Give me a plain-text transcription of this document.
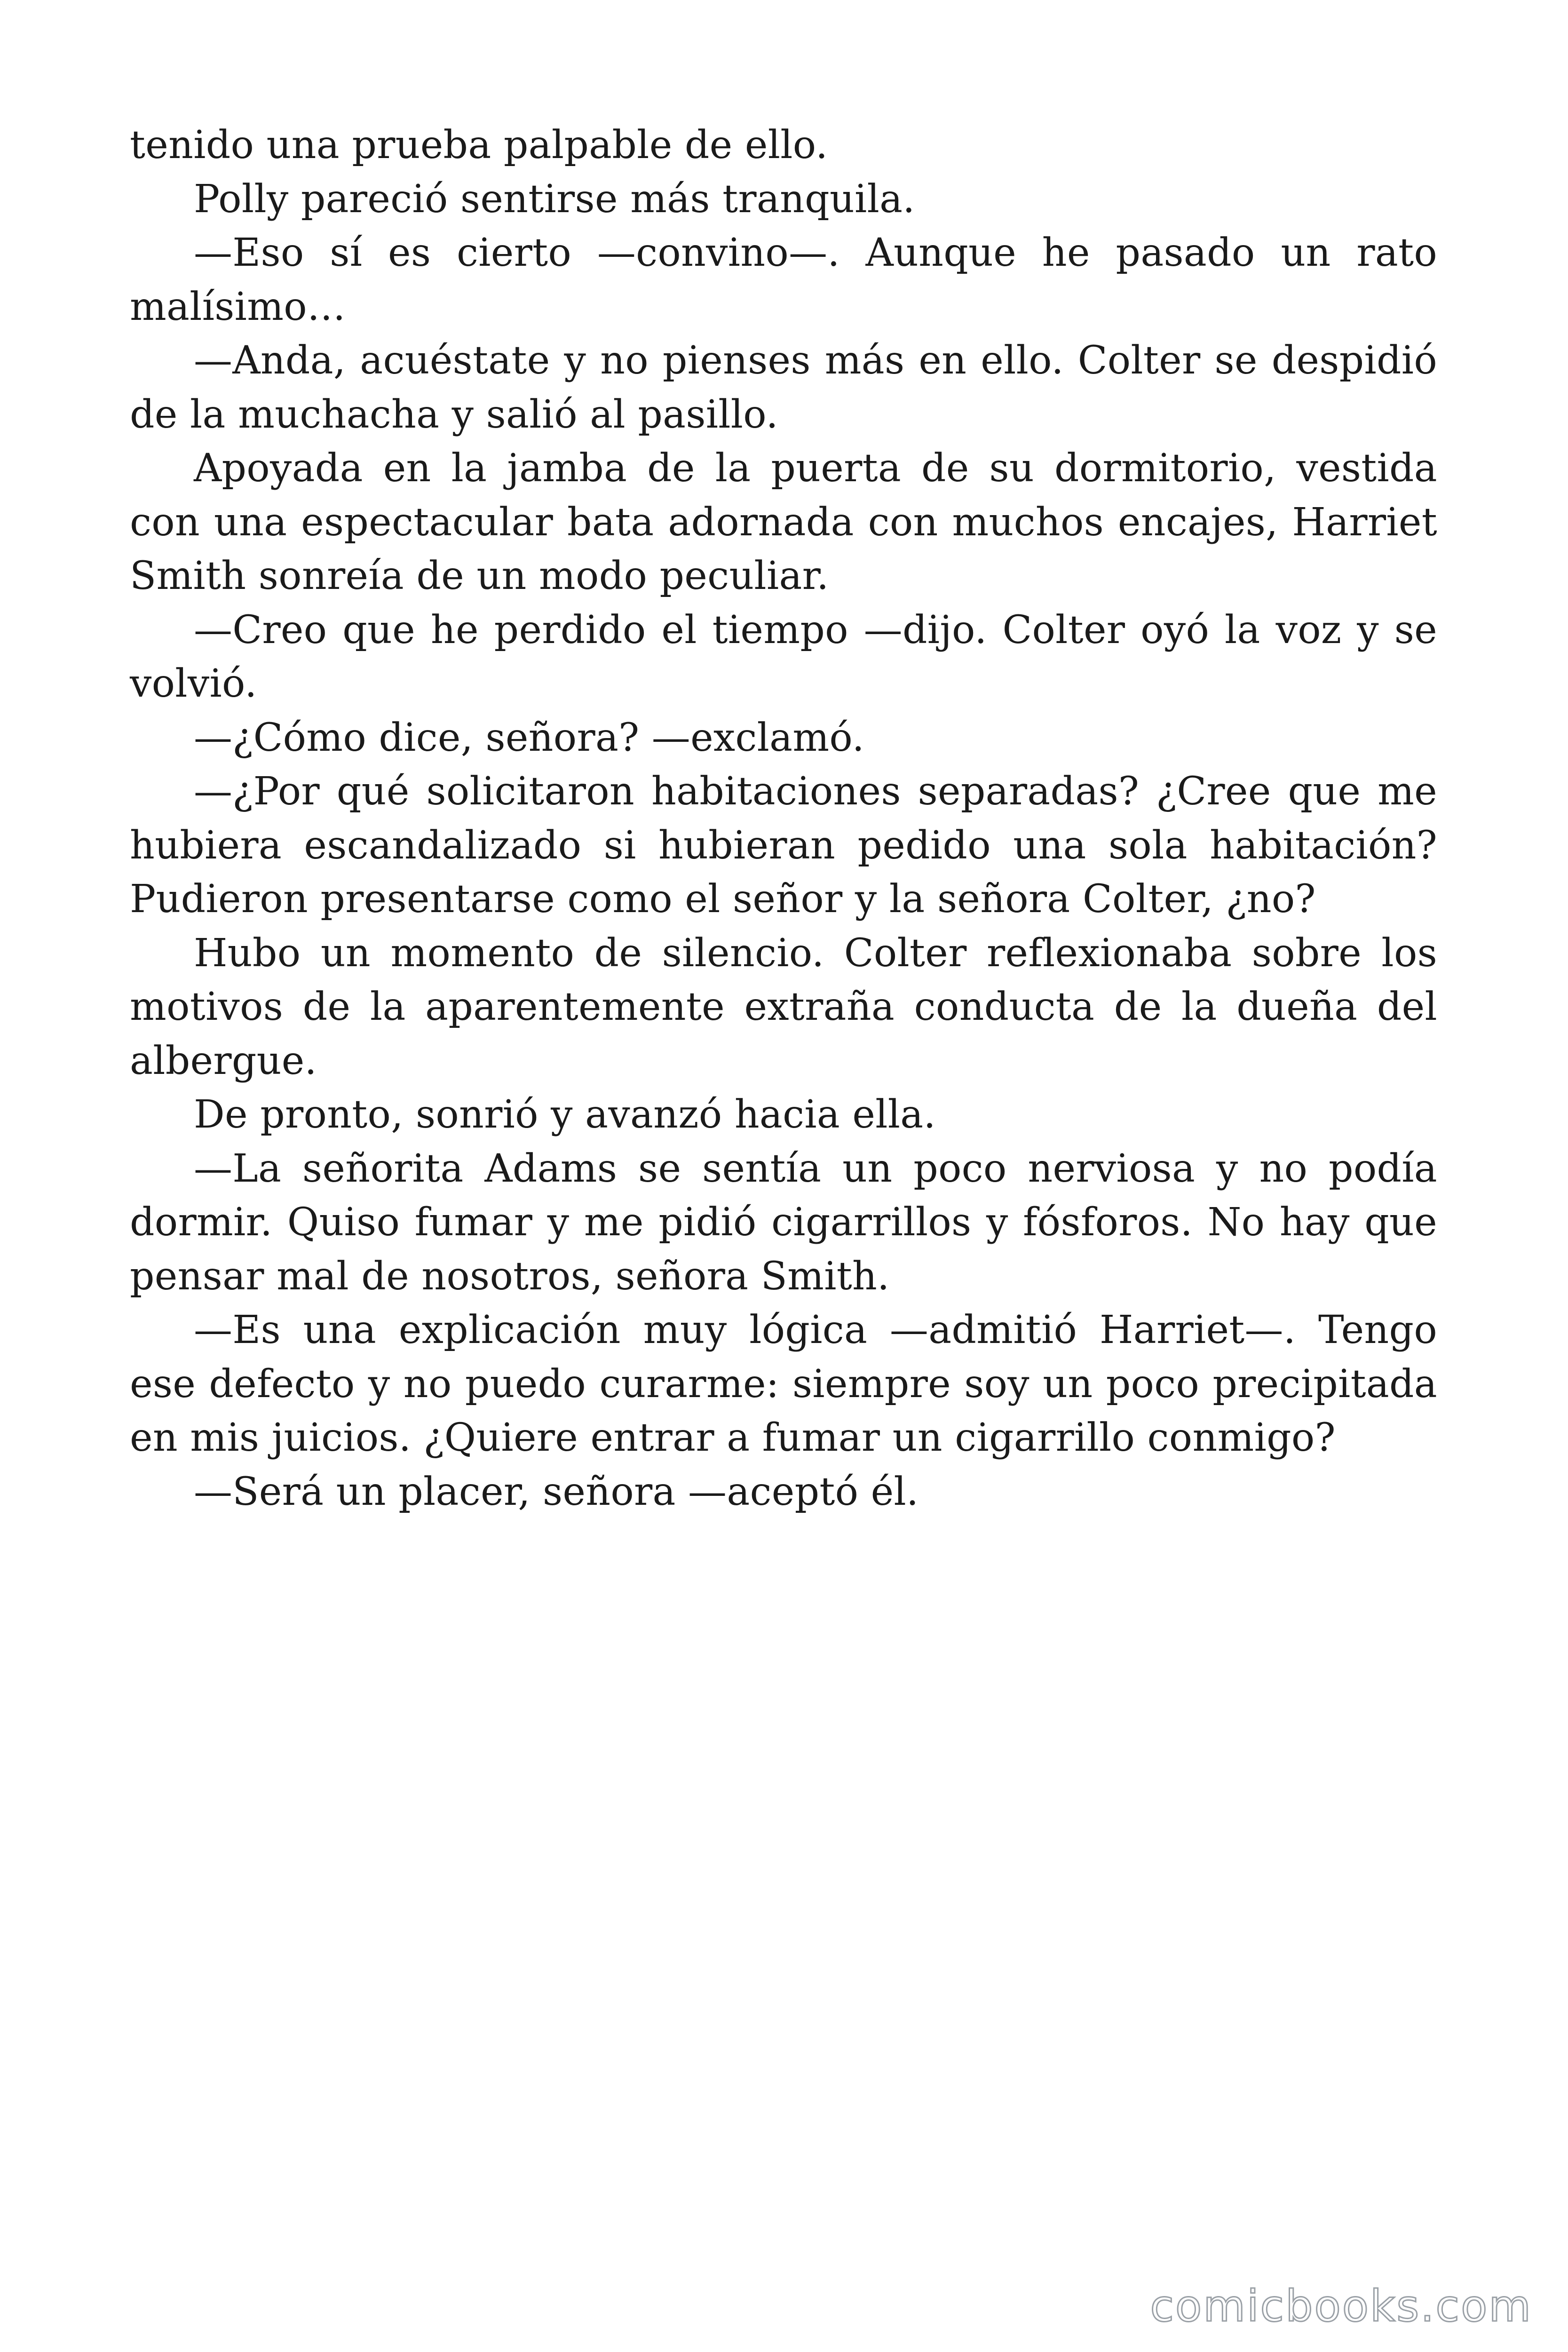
tenido una prueba palpable de ello.

Polly pareció sentirse más tranquila.

—Eso sí es cierto —convino—. Aunque he pasado un rato malísimo…

—Anda, acuéstate y no pienses más en ello. Colter se despidió de la muchacha y salió al pasillo.

Apoyada en la jamba de la puerta de su dormitorio, vestida con una espectacular bata adornada con muchos encajes, Harriet Smith sonreía de un modo peculiar.

—Creo que he perdido el tiempo —dijo. Colter oyó la voz y se volvió.

—¿Cómo dice, señora? —exclamó.

—¿Por qué solicitaron habitaciones separadas? ¿Cree que me hubiera escandalizado si hubieran pedido una sola habitación? Pudieron presentarse como el señor y la señora Colter, ¿no?

Hubo un momento de silencio. Colter reflexionaba sobre los motivos de la aparentemente extraña conducta de la dueña del albergue.

De pronto, sonrió y avanzó hacia ella.

—La señorita Adams se sentía un poco nerviosa y no podía dormir. Quiso fumar y me pidió cigarrillos y fósforos. No hay que pensar mal de nosotros, señora Smith.

—Es una explicación muy lógica —admitió Harriet—. Tengo ese defecto y no puedo curarme: siempre soy un poco precipitada en mis juicios. ¿Quiere entrar a fumar un cigarrillo conmigo?

—Será un placer, señora —aceptó él.

comicbooks.com
